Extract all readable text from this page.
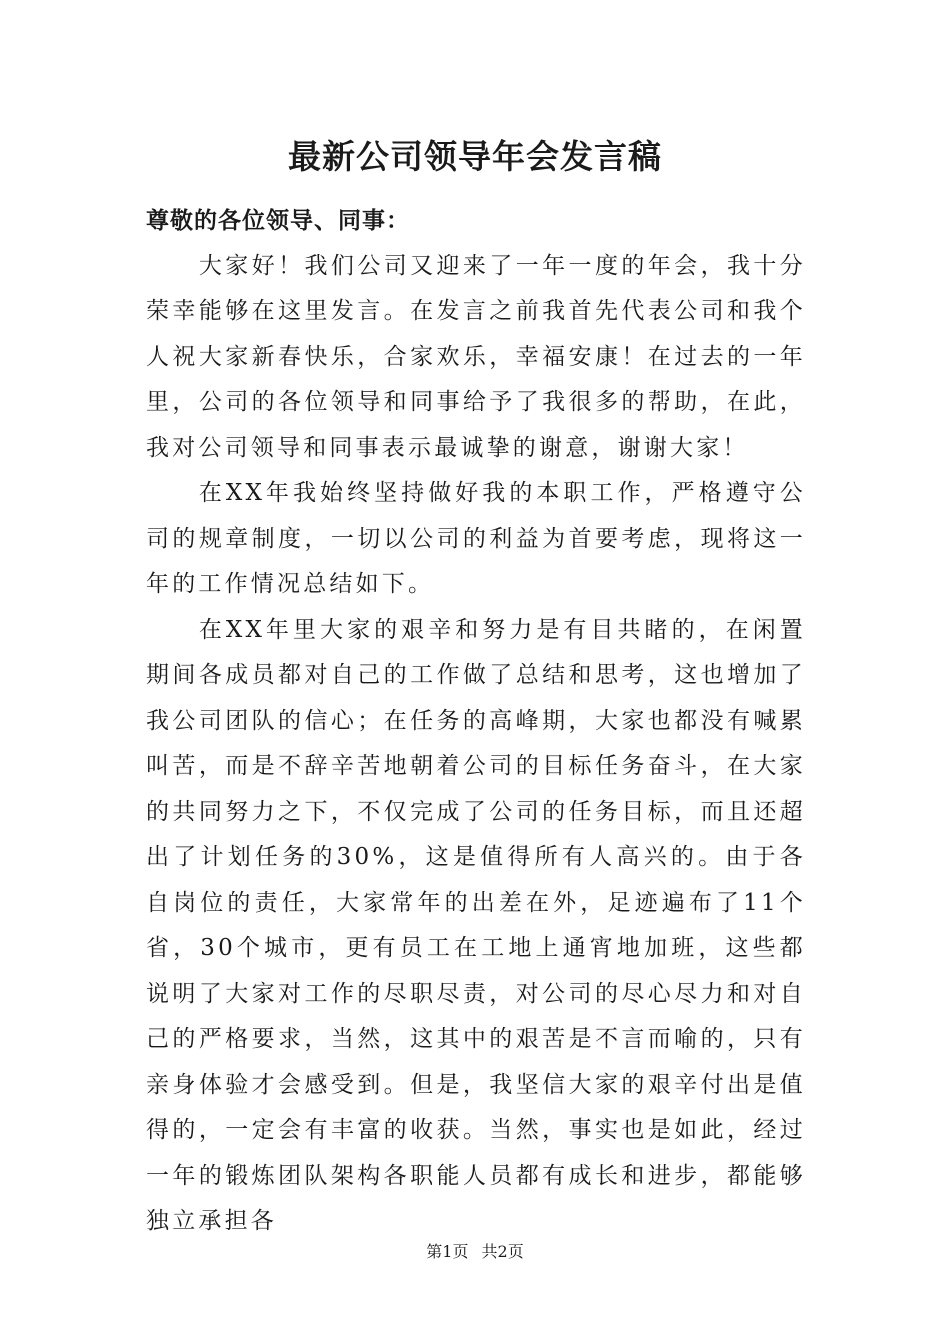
最新公司领导年会发言稿

尊敬的各位领导、同事：

大家好！我们公司又迎来了一年一度的年会，我十分荣幸能够在这里发言。在发言之前我首先代表公司和我个人祝大家新春快乐，合家欢乐，幸福安康！在过去的一年里，公司的各位领导和同事给予了我很多的帮助，在此，我对公司领导和同事表示最诚挚的谢意，谢谢大家！

在XX年我始终坚持做好我的本职工作，严格遵守公司的规章制度，一切以公司的利益为首要考虑，现将这一年的工作情况总结如下。

在XX年里大家的艰辛和努力是有目共睹的，在闲置期间各成员都对自己的工作做了总结和思考，这也增加了我公司团队的信心；在任务的高峰期，大家也都没有喊累叫苦，而是不辞辛苦地朝着公司的目标任务奋斗，在大家的共同努力之下，不仅完成了公司的任务目标，而且还超出了计划任务的30%，这是值得所有人高兴的。由于各自岗位的责任，大家常年的出差在外，足迹遍布了11个省，30个城市，更有员工在工地上通宵地加班，这些都说明了大家对工作的尽职尽责，对公司的尽心尽力和对自己的严格要求，当然，这其中的艰苦是不言而喻的，只有亲身体验才会感受到。但是，我坚信大家的艰辛付出是值得的，一定会有丰富的收获。当然，事实也是如此，经过一年的锻炼团队架构各职能人员都有成长和进步，都能够独立承担各

第1页 共2页
